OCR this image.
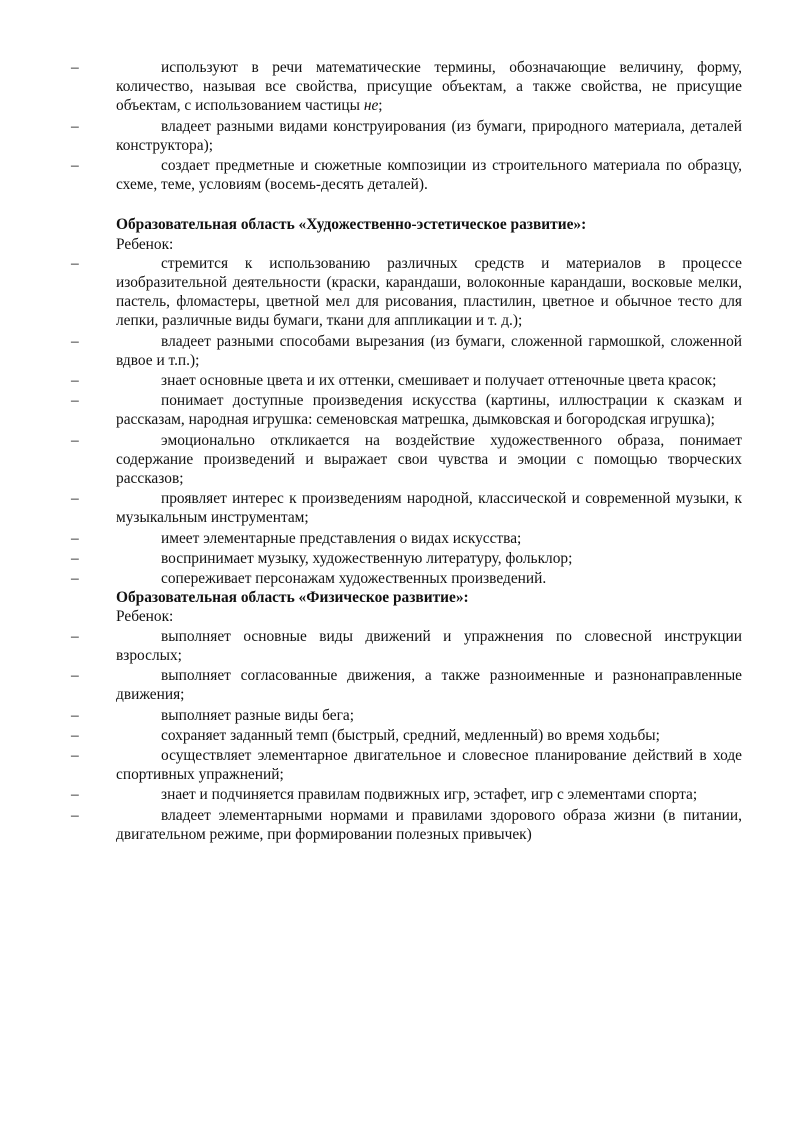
– используют в речи математические термины, обозначающие величину, форму, количество, называя все свойства, присущие объектам, а также свойства, не присущие объектам, с использованием частицы не;

– владеет разными видами конструирования (из бумаги, природного материала, деталей конструктора);

– создает предметные и сюжетные композиции из строительного материала по образцу, схеме, теме, условиям (восемь-десять деталей).

Образовательная область «Художественно-эстетическое развитие»:

Ребенок:

– стремится к использованию различных средств и материалов в процессе изобразительной деятельности (краски, карандаши, волоконные карандаши, восковые мелки, пастель, фломастеры, цветной мел для рисования, пластилин, цветное и обычное тесто для лепки, различные виды бумаги, ткани для аппликации и т. д.);

– владеет разными способами вырезания (из бумаги, сложенной гармошкой, сложенной вдвое и т.п.);

– знает основные цвета и их оттенки, смешивает и получает оттеночные цвета красок;

– понимает доступные произведения искусства (картины, иллюстрации к сказкам и рассказам, народная игрушка: семеновская матрешка, дымковская и богородская игрушка);

– эмоционально откликается на воздействие художественного образа, понимает содержание произведений и выражает свои чувства и эмоции с помощью творческих рассказов;

– проявляет интерес к произведениям народной, классической и современной музыки, к музыкальным инструментам;

– имеет элементарные представления о видах искусства;

– воспринимает музыку, художественную литературу, фольклор;

– сопереживает персонажам художественных произведений.

Образовательная область «Физическое развитие»:

Ребенок:

– выполняет основные виды движений и упражнения по словесной инструкции взрослых;

– выполняет согласованные движения, а также разноименные и разнонаправленные движения;

– выполняет разные виды бега;

– сохраняет заданный темп (быстрый, средний, медленный) во время ходьбы;

– осуществляет элементарное двигательное и словесное планирование действий в ходе спортивных упражнений;

– знает и подчиняется правилам подвижных игр, эстафет, игр с элементами спорта;

– владеет элементарными нормами и правилами здорового образа жизни (в питании, двигательном режиме, при формировании полезных привычек)
